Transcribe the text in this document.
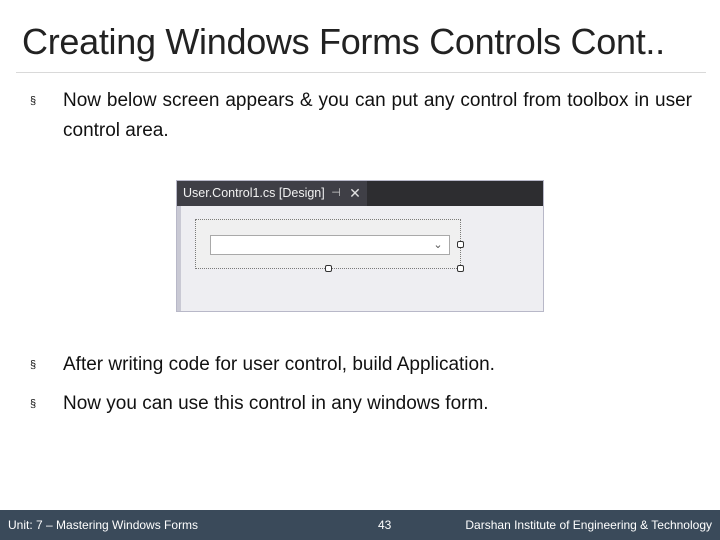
Creating Windows Forms Controls Cont..
§ Now below screen appears & you can put any control from toolbox in user control area.
User.Control1.cs [Design] ⊣ ✕
⌄
§ After writing code for user control, build Application.
§ Now you can use this control in any windows form.
Unit: 7 – Mastering Windows Forms	43	Darshan Institute of Engineering & Technology
